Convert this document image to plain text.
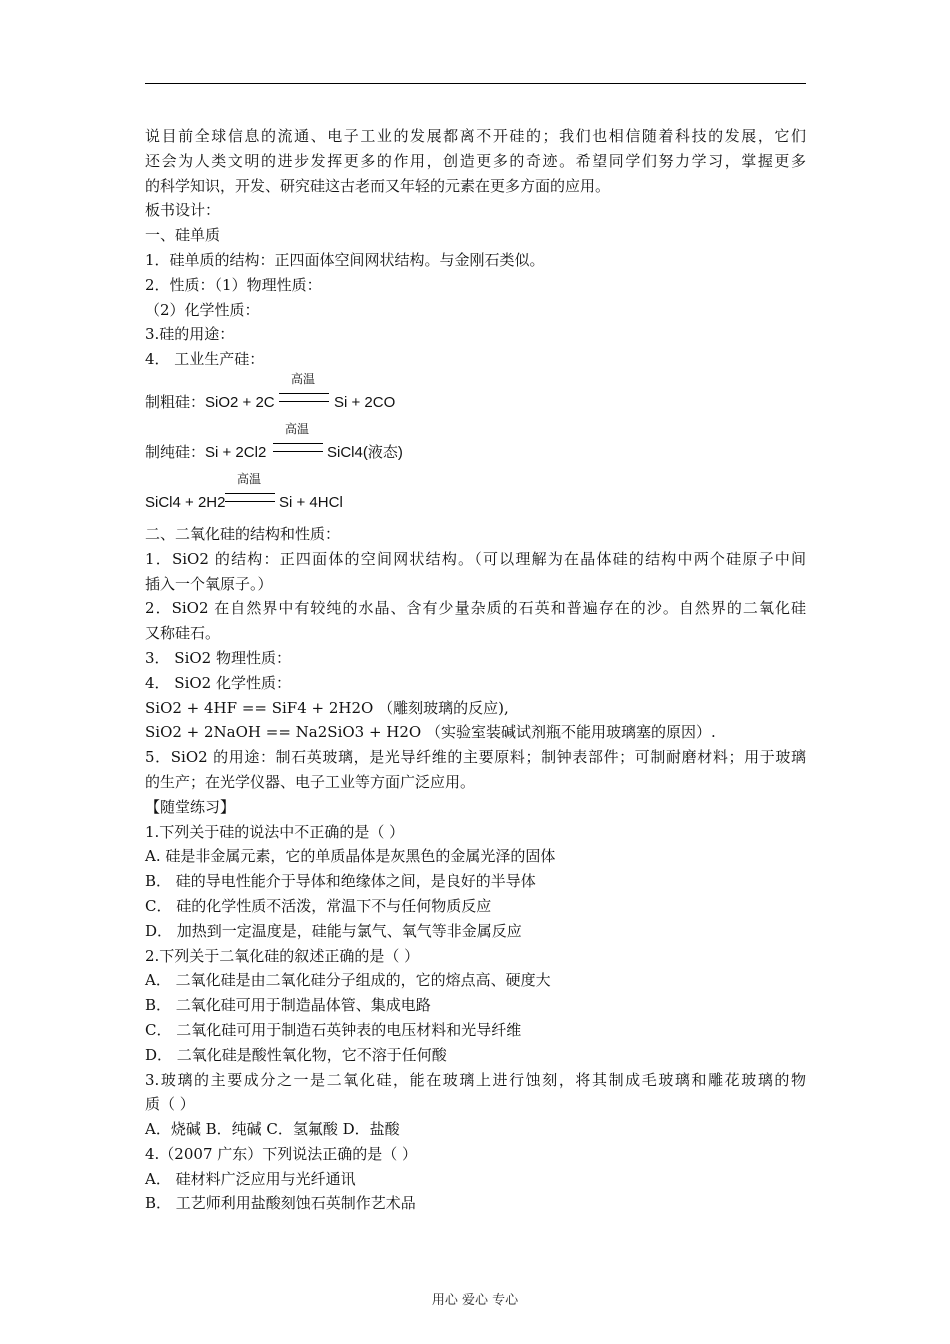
说目前全球信息的流通、电子工业的发展都离不开硅的；我们也相信随着科技的发展，它们
还会为人类文明的进步发挥更多的作用，创造更多的奇迹。希望同学们努力学习，掌握更多
的科学知识，开发、研究硅这古老而又年轻的元素在更多方面的应用。
板书设计：
一、硅单质
1．硅单质的结构：正四面体空间网状结构。与金刚石类似。
2．性质：（1）物理性质：
（2）化学性质：
3.硅的用途：
4． 工业生产硅：
制粗硅：SiO2 + 2C
高温
Si + 2CO
制纯硅：Si + 2Cl2
高温
SiCl4(液态)
SiCl4 + 2H2
高温
Si + 4HCl
二、二氧化硅的结构和性质：
1．SiO2 的结构：正四面体的空间网状结构。（可以理解为在晶体硅的结构中两个硅原子中间
插入一个氧原子。）
2．SiO2 在自然界中有较纯的水晶、含有少量杂质的石英和普遍存在的沙。自然界的二氧化硅
又称硅石。
3． SiO2 物理性质：
4． SiO2 化学性质：
SiO2 + 4HF == SiF4 + 2H2O （雕刻玻璃的反应),
SiO2 + 2NaOH == Na2SiO3 + H2O （实验室装碱试剂瓶不能用玻璃塞的原因）.
5．SiO2 的用途：制石英玻璃，是光导纤维的主要原料；制钟表部件；可制耐磨材料；用于玻璃
的生产；在光学仪器、电子工业等方面广泛应用。
【随堂练习】
1.下列关于硅的说法中不正确的是（ ）
A. 硅是非金属元素，它的单质晶体是灰黑色的金属光泽的固体
B． 硅的导电性能介于导体和绝缘体之间，是良好的半导体
C． 硅的化学性质不活泼，常温下不与任何物质反应
D． 加热到一定温度是，硅能与氯气、氧气等非金属反应
2.下列关于二氧化硅的叙述正确的是（ ）
A． 二氧化硅是由二氧化硅分子组成的，它的熔点高、硬度大
B． 二氧化硅可用于制造晶体管、集成电路
C． 二氧化硅可用于制造石英钟表的电压材料和光导纤维
D． 二氧化硅是酸性氧化物，它不溶于任何酸
3.玻璃的主要成分之一是二氧化硅，能在玻璃上进行蚀刻，将其制成毛玻璃和雕花玻璃的物
质（ ）
A．烧碱 B．纯碱 C．氢氟酸 D．盐酸
4.（2007 广东）下列说法正确的是（ ）
A． 硅材料广泛应用与光纤通讯
B． 工艺师利用盐酸刻蚀石英制作艺术品
用心 爱心 专心
